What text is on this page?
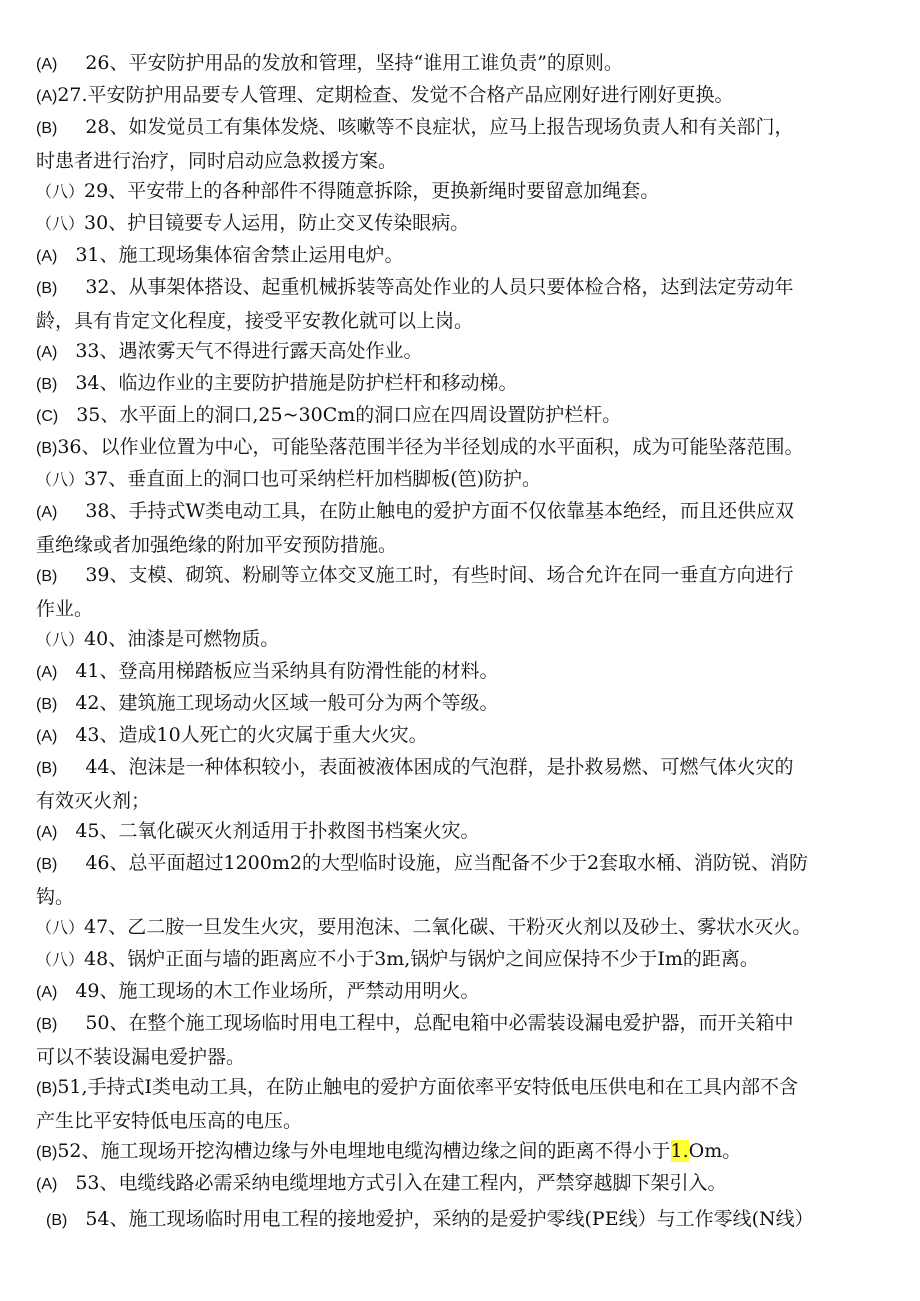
(A) 26、平安防护用品的发放和管理，坚持“谁用工谁负责”的原则。
(A)27.平安防护用品要专人管理、定期检查、发觉不合格产品应刚好进行刚好更换。
(B) 28、如发觉员工有集体发烧、咳嗽等不良症状，应马上报告现场负责人和有关部门，
时患者进行治疗，同时启动应急救援方案。
（八）29、平安带上的各种部件不得随意拆除，更换新绳时要留意加绳套。
（八）30、护目镜要专人运用，防止交叉传染眼病。
(A) 31、施工现场集体宿舍禁止运用电炉。
(B) 32、从事架体搭设、起重机械拆装等高处作业的人员只要体检合格，达到法定劳动年
龄，具有肯定文化程度，接受平安教化就可以上岗。
(A) 33、遇浓雾天气不得进行露天高处作业。
(B) 34、临边作业的主要防护措施是防护栏杆和移动梯。
(C) 35、水平面上的洞口,25~30Cm的洞口应在四周设置防护栏杆。
(B)36、以作业位置为中心，可能坠落范围半径为半径划成的水平面积，成为可能坠落范围。
（八）37、垂直面上的洞口也可采纳栏杆加档脚板(笆)防护。
(A) 38、手持式W类电动工具，在防止触电的爱护方面不仅依靠基本绝经，而且还供应双
重绝缘或者加强绝缘的附加平安预防措施。
(B) 39、支模、砌筑、粉刷等立体交叉施工时，有些时间、场合允许在同一垂直方向进行
作业。
（八）40、油漆是可燃物质。
(A) 41、登高用梯踏板应当采纳具有防滑性能的材料。
(B) 42、建筑施工现场动火区域一般可分为两个等级。
(A) 43、造成10人死亡的火灾属于重大火灾。
(B) 44、泡沫是一种体积较小，表面被液体困成的气泡群，是扑救易燃、可燃气体火灾的
有效灭火剂；
(A) 45、二氧化碳灭火剂适用于扑救图书档案火灾。
(B) 46、总平面超过1200m2的大型临时设施，应当配备不少于2套取水桶、消防锐、消防
钩。
（八）47、乙二胺一旦发生火灾，要用泡沫、二氧化碳、干粉灭火剂以及砂土、雾状水灭火。
（八）48、锅炉正面与墙的距离应不小于3m,锅炉与锅炉之间应保持不少于Im的距离。
(A) 49、施工现场的木工作业场所，严禁动用明火。
(B) 50、在整个施工现场临时用电工程中，总配电箱中必需装设漏电爱护器，而开关箱中
可以不装设漏电爱护器。
(B)51,手持式I类电动工具，在防止触电的爱护方面依率平安特低电压供电和在工具内部不含
产生比平安特低电压高的电压。
(B)52、施工现场开挖沟槽边缘与外电埋地电缆沟槽边缘之间的距离不得小于1.Om。
(A) 53、电缆线路必需采纳电缆埋地方式引入在建工程内，严禁穿越脚下架引入。
(B) 54、施工现场临时用电工程的接地爱护，采纳的是爱护零线(PE线）与工作零线(N线）
